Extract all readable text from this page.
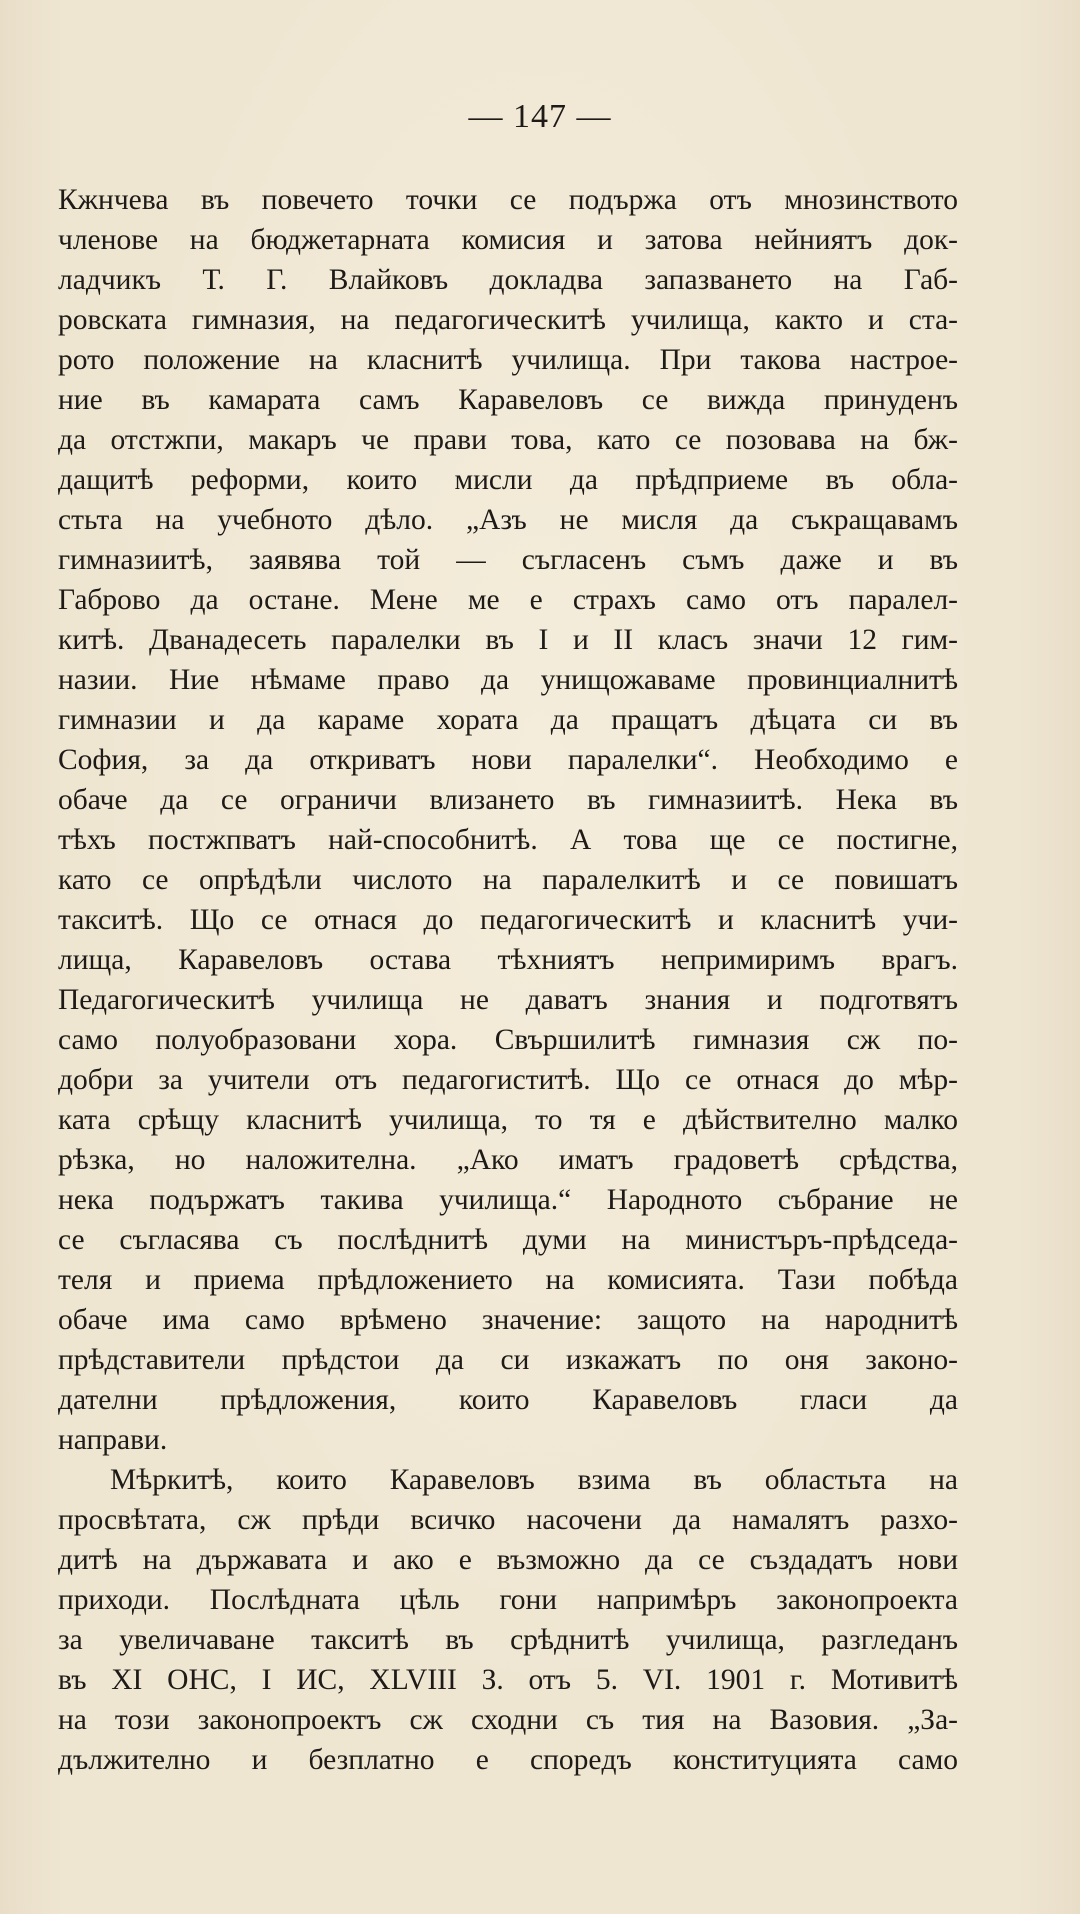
— 147 —
Кжнчева въ повечето точки се подържа отъ мнозинството
членове на бюджетарната комисия и затова нейниятъ док-
ладчикъ Т. Г. Влайковъ докладва запазването на Габ-
ровската гимназия, на педагогическитѣ училища, както и ста-
рото положение на класнитѣ училища. При такова настрое-
ние въ камарата самъ Каравеловъ се вижда принуденъ
да отстжпи, макаръ че прави това, като се позовава на бж-
дащитѣ реформи, които мисли да прѣдприеме въ обла-
стьта на учебното дѣло. „Азъ не мисля да съкращавамъ
гимназиитѣ, заявява той — съгласенъ съмъ даже и въ
Габрово да остане. Мене ме е страхъ само отъ паралел-
китѣ. Дванадесеть паралелки въ I и II класъ значи 12 гим-
назии. Ние нѣмаме право да унищожаваме провинциалнитѣ
гимназии и да караме хората да пращатъ дѣцата си въ
София, за да откриватъ нови паралелки“. Необходимо е
обаче да се ограничи влизането въ гимназиитѣ. Нека въ
тѣхъ постжпватъ най-способнитѣ. А това ще се постигне,
като се опрѣдѣли числото на паралелкитѣ и се повишатъ
такситѣ. Що се отнася до педагогическитѣ и класнитѣ учи-
лища, Каравеловъ остава тѣхниятъ непримиримъ врагъ.
Педагогическитѣ училища не даватъ знания и подготвятъ
само полуобразовани хора. Свършилитѣ гимназия сж по-
добри за учители отъ педагогиститѣ. Що се отнася до мѣр-
ката срѣщу класнитѣ училища, то тя е дѣйствително малко
рѣзка, но наложителна. „Ако иматъ градоветѣ срѣдства,
нека подържатъ такива училища.“ Народното събрание не
се съгласява съ послѣднитѣ думи на министъръ-прѣдседа-
теля и приема прѣдложението на комисията. Тази побѣда
обаче има само врѣмено значение: защото на народнитѣ
прѣдставители прѣдстои да си изкажатъ по оня законо-
дателни прѣдложения, които Каравеловъ гласи да
направи.
Мѣркитѣ, които Каравеловъ взима въ областьта на
просвѣтата, сж прѣди всичко насочени да намалятъ разхо-
дитѣ на държавата и ако е възможно да се създадатъ нови
приходи. Послѣдната цѣль гони напримѣръ законопроекта
за увеличаване такситѣ въ срѣднитѣ училища, разгледанъ
въ XI ОНС, I ИС, XLVIII З. отъ 5. VI. 1901 г. Мотивитѣ
на този законопроектъ сж сходни съ тия на Вазовия. „За-
дължително и безплатно е спорeдъ конституцията само
